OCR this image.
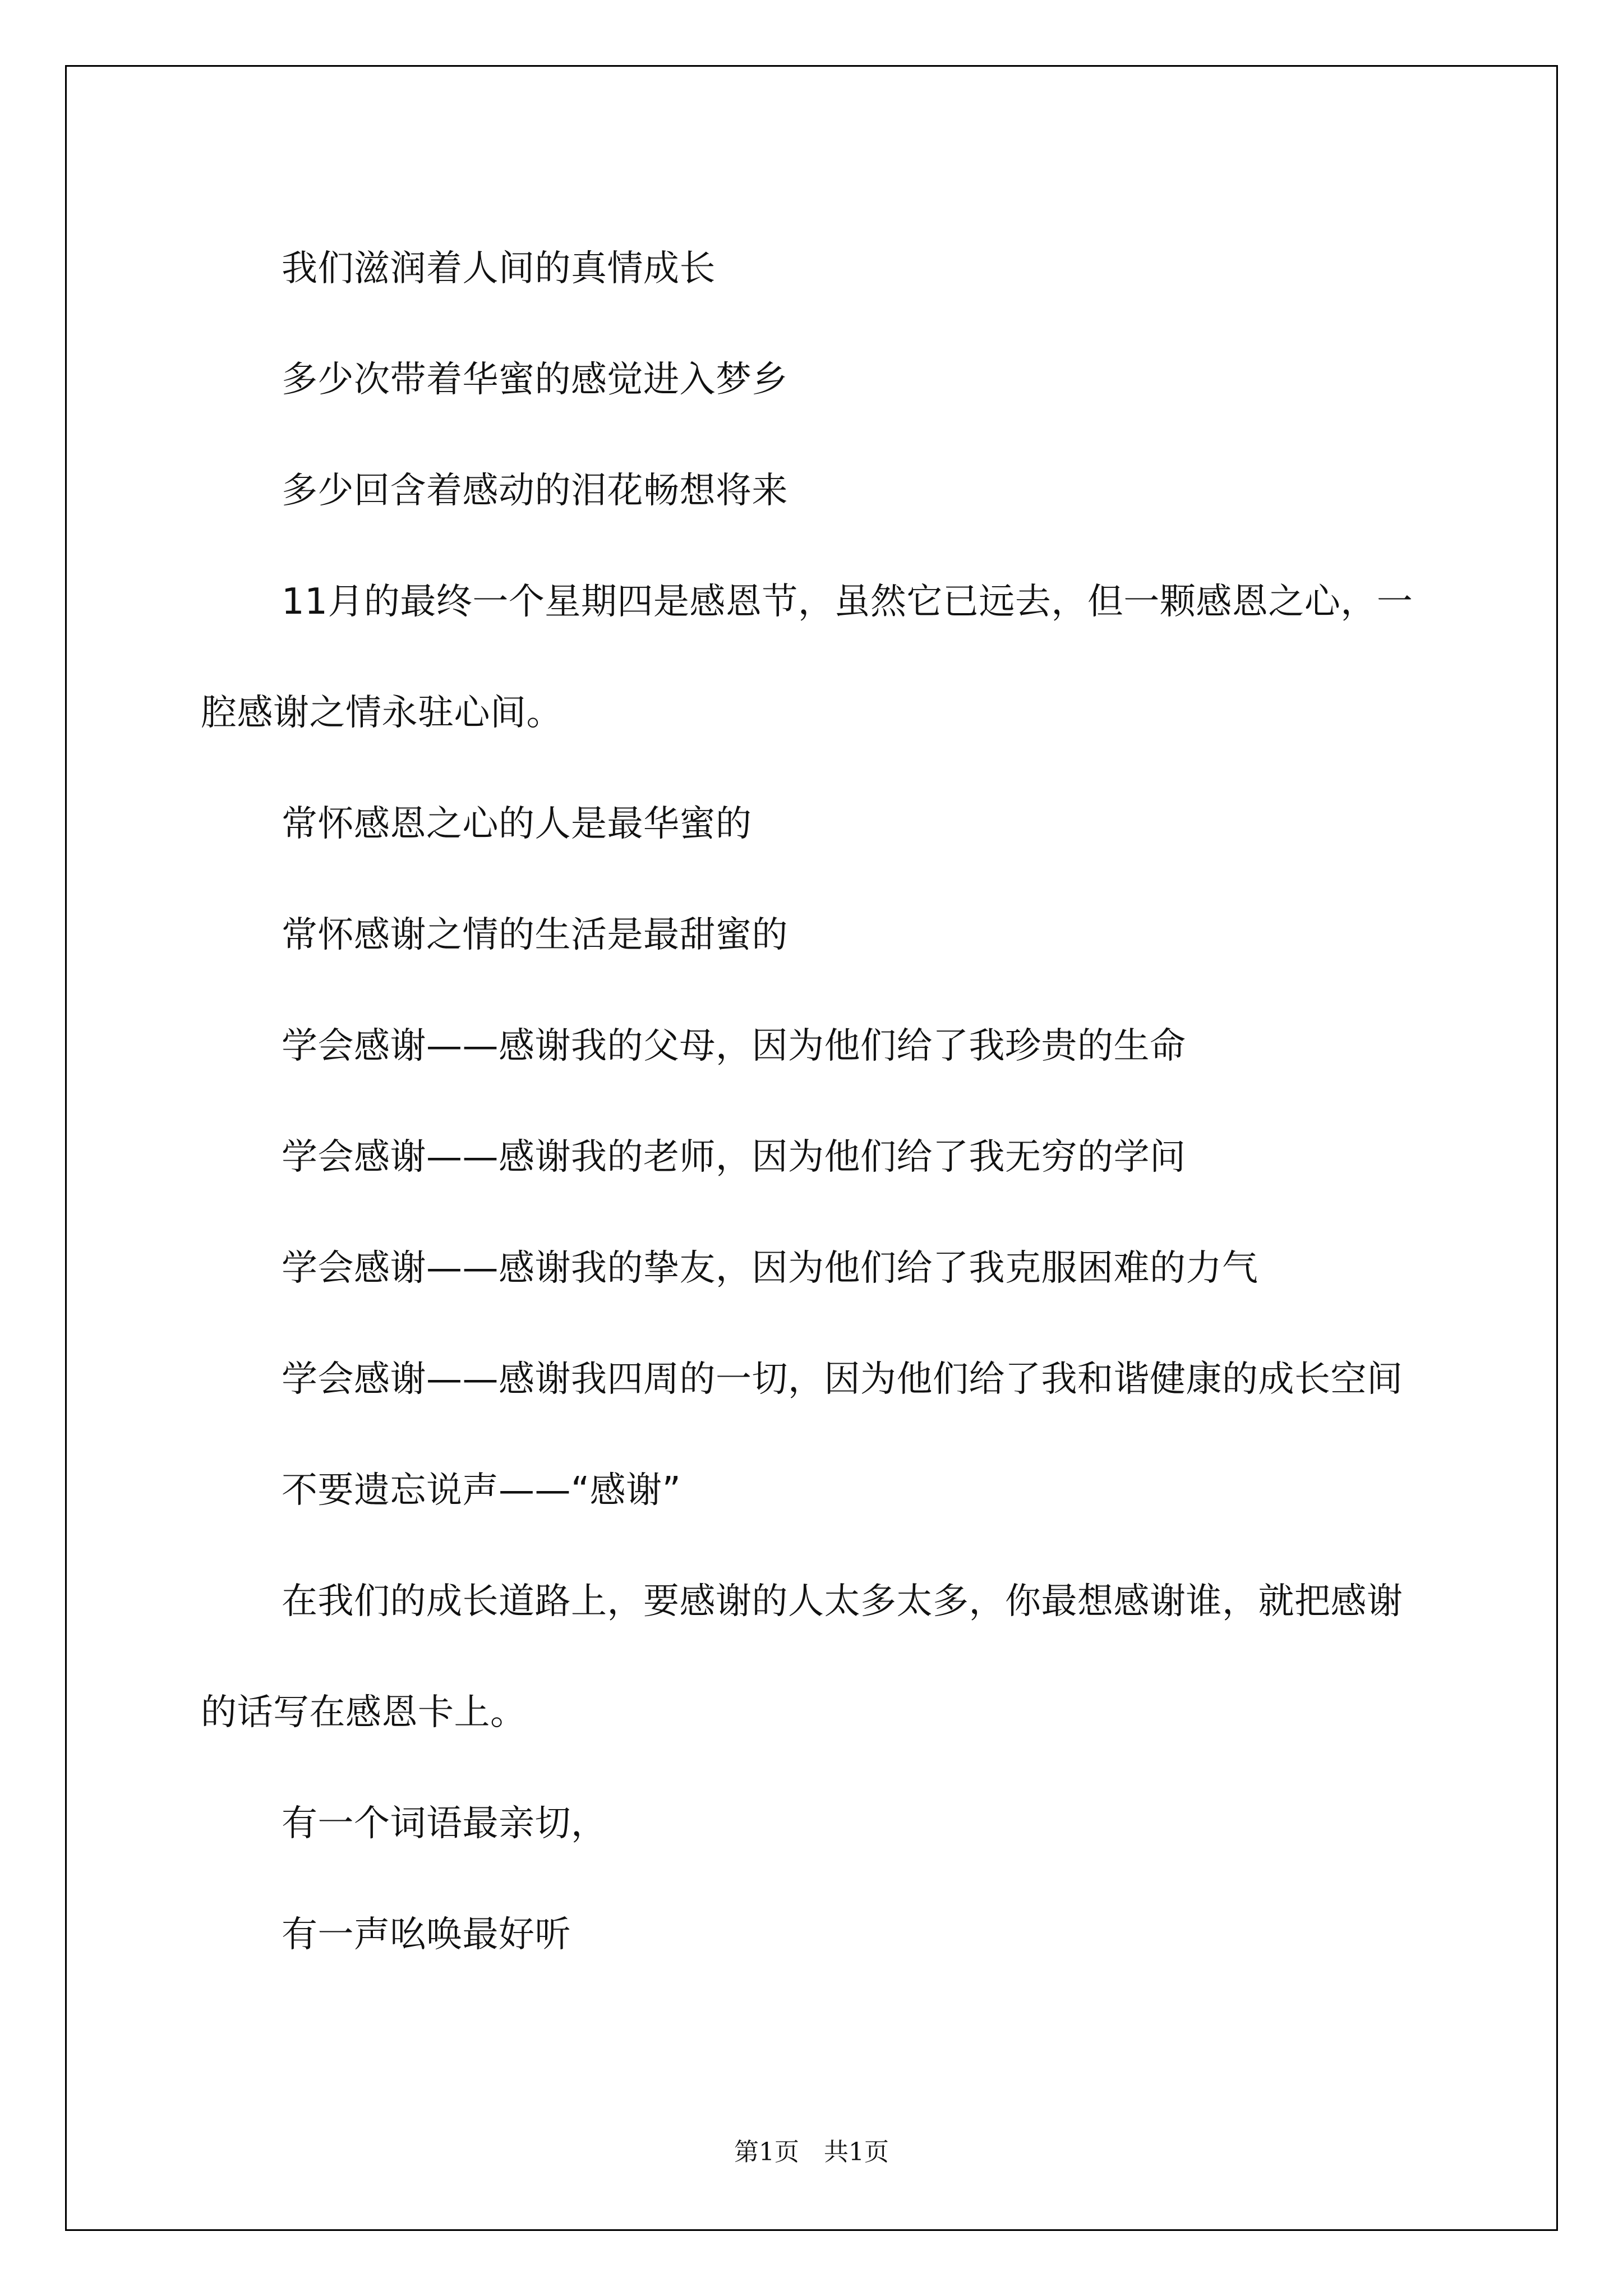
我们滋润着人间的真情成长

多少次带着华蜜的感觉进入梦乡

多少回含着感动的泪花畅想将来

11月的最终一个星期四是感恩节，虽然它已远去，但一颗感恩之心，一腔感谢之情永驻心间。

常怀感恩之心的人是最华蜜的

常怀感谢之情的生活是最甜蜜的

学会感谢——感谢我的父母，因为他们给了我珍贵的生命

学会感谢——感谢我的老师，因为他们给了我无穷的学问

学会感谢——感谢我的挚友，因为他们给了我克服困难的力气

学会感谢——感谢我四周的一切，因为他们给了我和谐健康的成长空间

不要遗忘说声——“感谢”

在我们的成长道路上，要感谢的人太多太多，你最想感谢谁，就把感谢的话写在感恩卡上。

有一个词语最亲切，

有一声吆唤最好听

第1页 共1页
